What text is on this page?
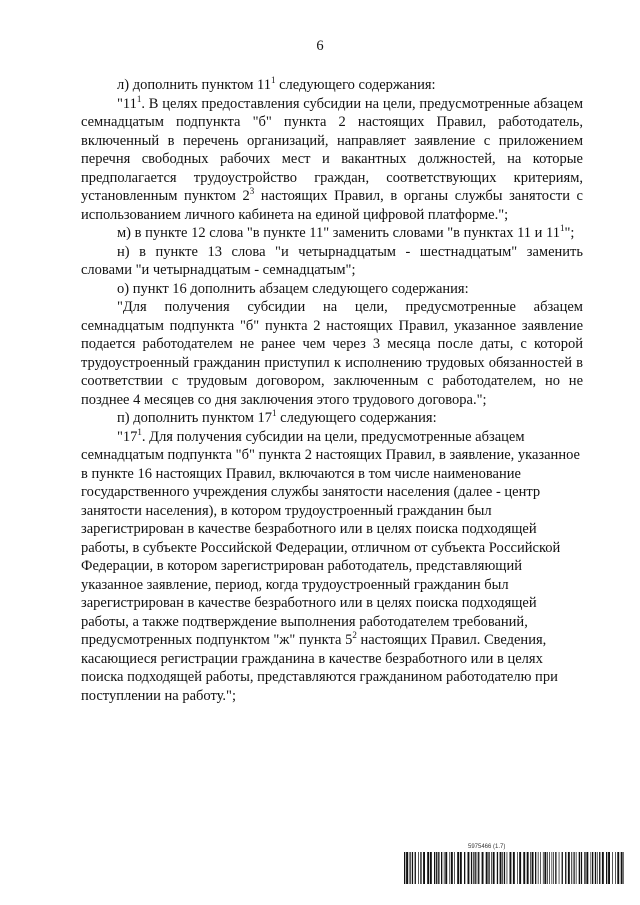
6

л) дополнить пунктом $11^1$ следующего содержания:

"$11^1$. В целях предоставления субсидии на цели, предусмотренные абзацем семнадцатым подпункта "б" пункта 2 настоящих Правил, работодатель, включенный в перечень организаций, направляет заявление с приложением перечня свободных рабочих мест и вакантных должностей, на которые предполагается трудоустройство граждан, соответствующих критериям, установленным пунктом $2^3$ настоящих Правил, в органы службы занятости с использованием личного кабинета на единой цифровой платформе.";

м) в пункте 12 слова "в пункте 11" заменить словами "в пунктах 11 и $11^1$";

н) в пункте 13 слова "и четырнадцатым - шестнадцатым" заменить словами "и четырнадцатым - семнадцатым";

о) пункт 16 дополнить абзацем следующего содержания:

"Для получения субсидии на цели, предусмотренные абзацем семнадцатым подпункта "б" пункта 2 настоящих Правил, указанное заявление подается работодателем не ранее чем через 3 месяца после даты, с которой трудоустроенный гражданин приступил к исполнению трудовых обязанностей в соответствии с трудовым договором, заключенным с работодателем, но не позднее 4 месяцев со дня заключения этого трудового договора.";

п) дополнить пунктом $17^1$ следующего содержания:

"$17^1$. Для получения субсидии на цели, предусмотренные абзацем семнадцатым подпункта "б" пункта 2 настоящих Правил, в заявление, указанное в пункте 16 настоящих Правил, включаются в том числе наименование государственного учреждения службы занятости населения (далее - центр занятости населения), в котором трудоустроенный гражданин был зарегистрирован в качестве безработного или в целях поиска подходящей работы, в субъекте Российской Федерации, отличном от субъекта Российской Федерации, в котором зарегистрирован работодатель, представляющий указанное заявление, период, когда трудоустроенный гражданин был зарегистрирован в качестве безработного или в целях поиска подходящей работы, а также подтверждение выполнения работодателем требований, предусмотренных подпунктом "ж" пункта $5^2$ настоящих Правил. Сведения, касающиеся регистрации гражданина в качестве безработного или в целях поиска подходящей работы, представляются гражданином работодателю при поступлении на работу.";

5975466 (1.7)
